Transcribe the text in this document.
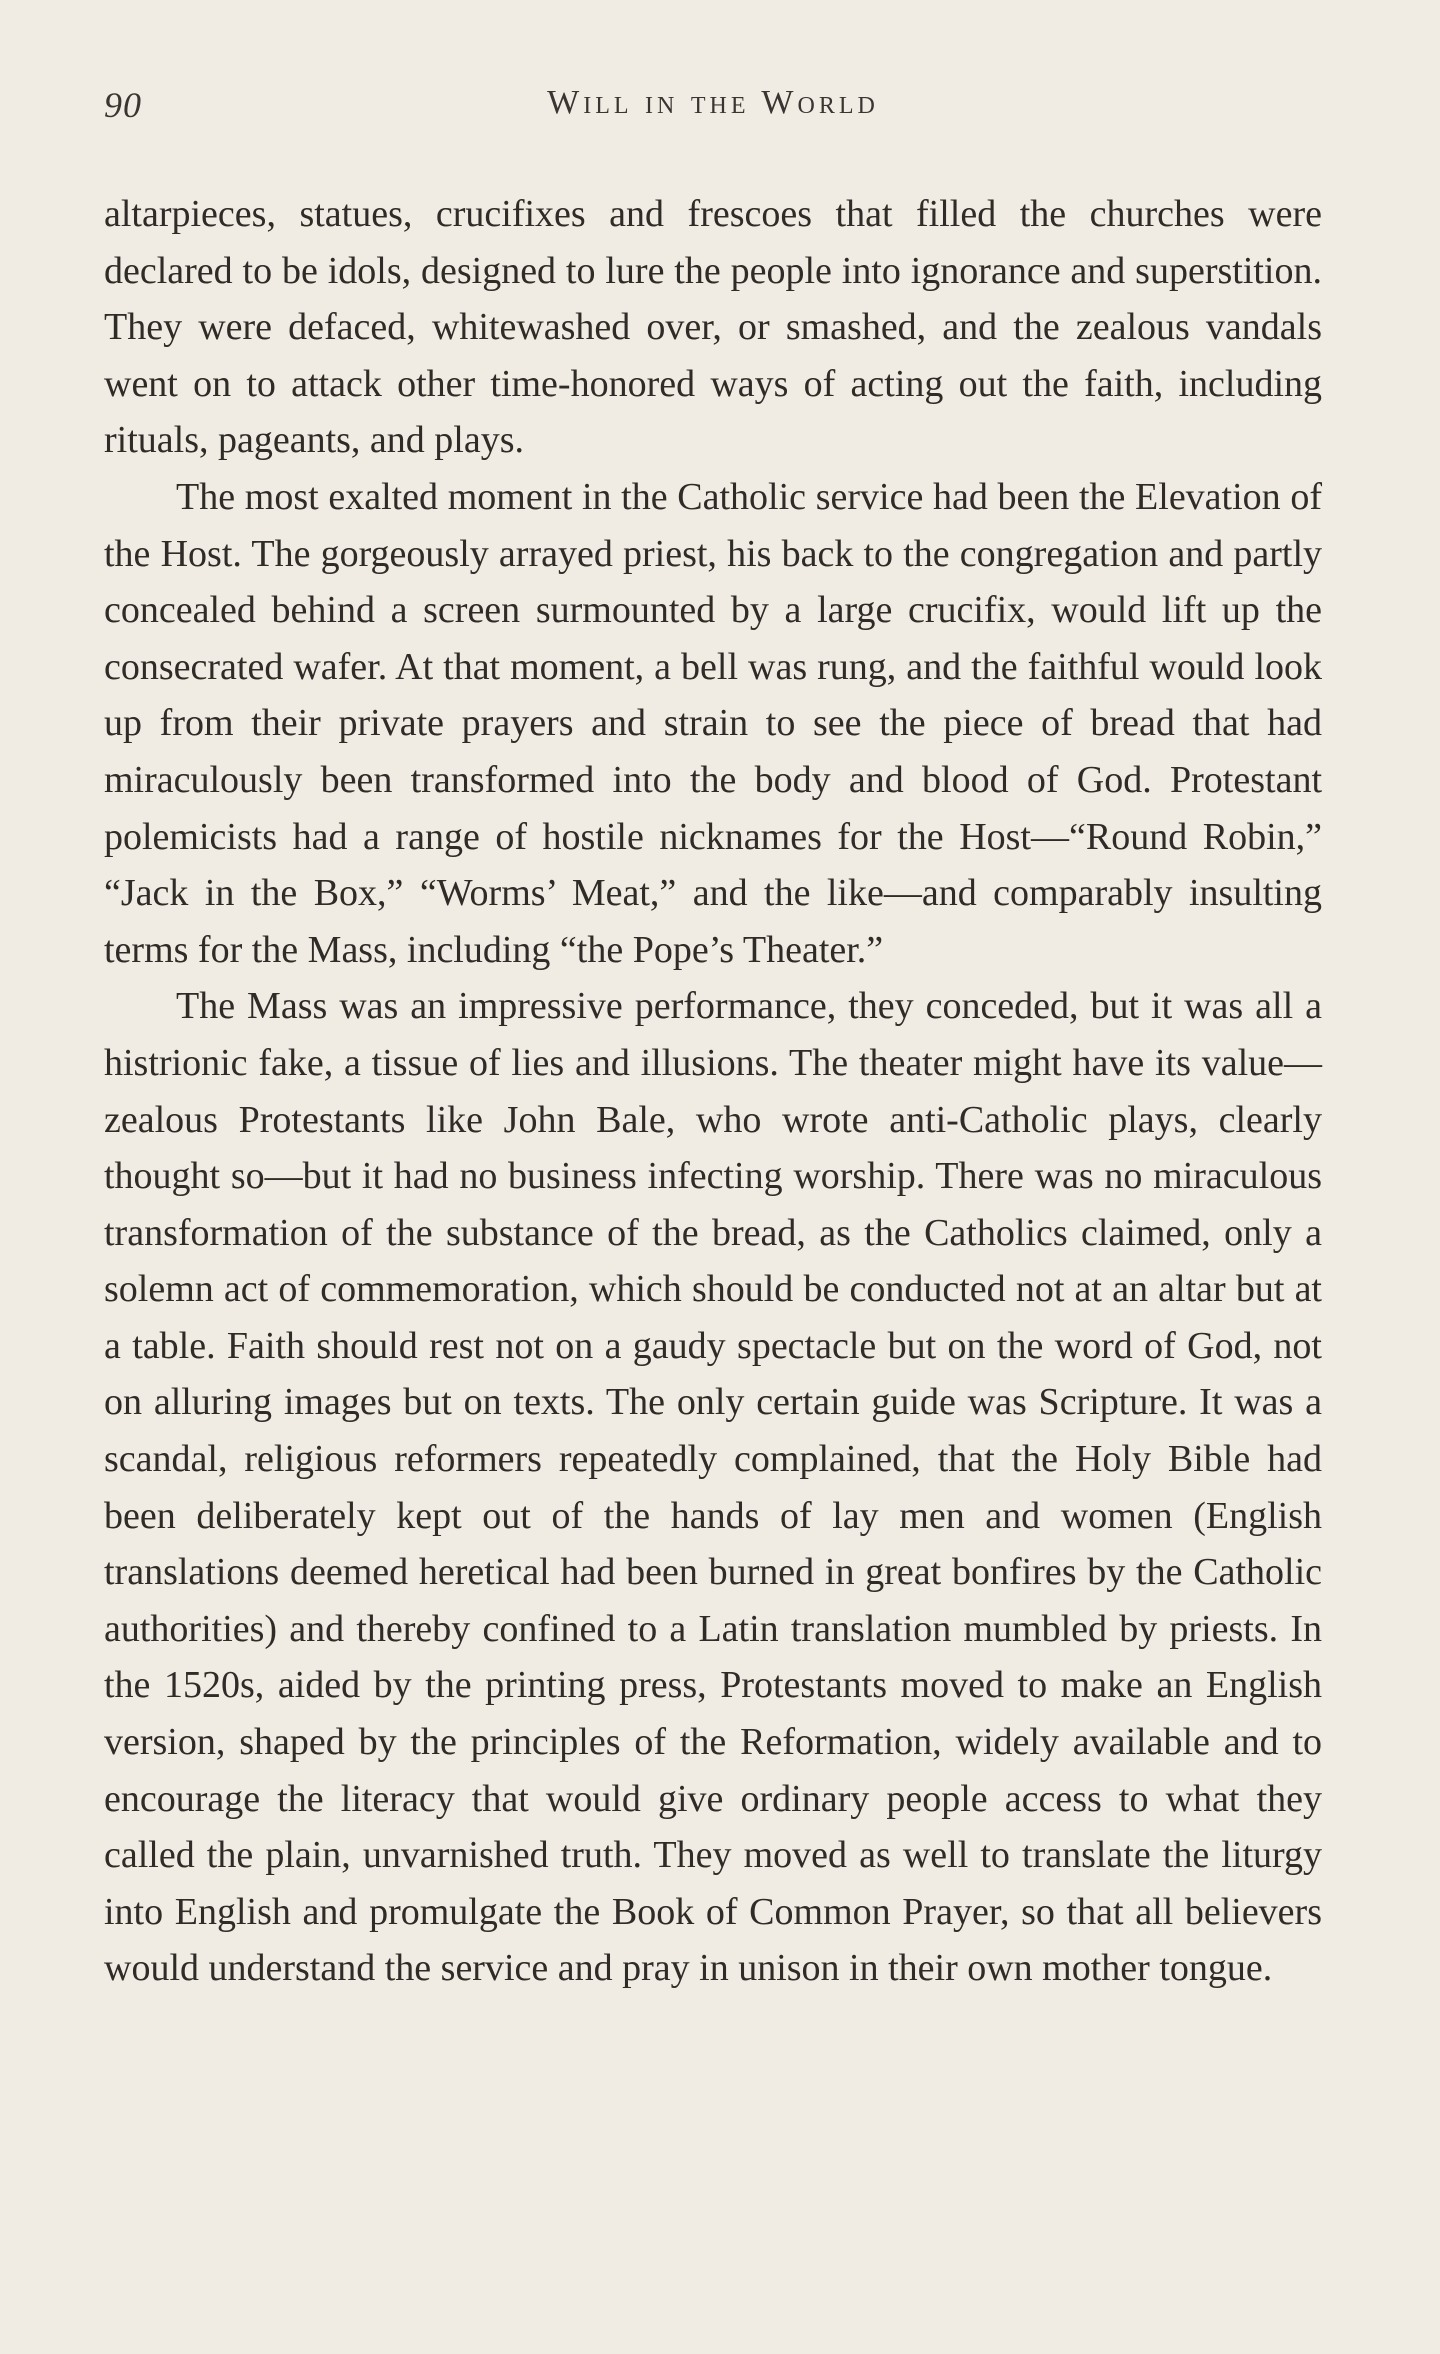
90	Will in the World

altarpieces, statues, crucifixes and frescoes that filled the churches were declared to be idols, designed to lure the people into ignorance and superstition. They were defaced, whitewashed over, or smashed, and the zealous vandals went on to attack other time-honored ways of acting out the faith, including rituals, pageants, and plays.

The most exalted moment in the Catholic service had been the Elevation of the Host. The gorgeously arrayed priest, his back to the congregation and partly concealed behind a screen surmounted by a large crucifix, would lift up the consecrated wafer. At that moment, a bell was rung, and the faithful would look up from their private prayers and strain to see the piece of bread that had miraculously been transformed into the body and blood of God. Protestant polemicists had a range of hostile nicknames for the Host—“Round Robin,” “Jack in the Box,” “Worms’ Meat,” and the like—and comparably insulting terms for the Mass, including “the Pope’s Theater.”

The Mass was an impressive performance, they conceded, but it was all a histrionic fake, a tissue of lies and illusions. The theater might have its value—zealous Protestants like John Bale, who wrote anti-Catholic plays, clearly thought so—but it had no business infecting worship. There was no miraculous transformation of the substance of the bread, as the Catholics claimed, only a solemn act of commemoration, which should be conducted not at an altar but at a table. Faith should rest not on a gaudy spectacle but on the word of God, not on alluring images but on texts. The only certain guide was Scripture. It was a scandal, religious reformers repeatedly complained, that the Holy Bible had been deliberately kept out of the hands of lay men and women (English translations deemed heretical had been burned in great bonfires by the Catholic authorities) and thereby confined to a Latin translation mumbled by priests. In the 1520s, aided by the printing press, Protestants moved to make an English version, shaped by the principles of the Reformation, widely available and to encourage the literacy that would give ordinary people access to what they called the plain, unvarnished truth. They moved as well to translate the liturgy into English and promulgate the Book of Common Prayer, so that all believers would understand the service and pray in unison in their own mother tongue.
